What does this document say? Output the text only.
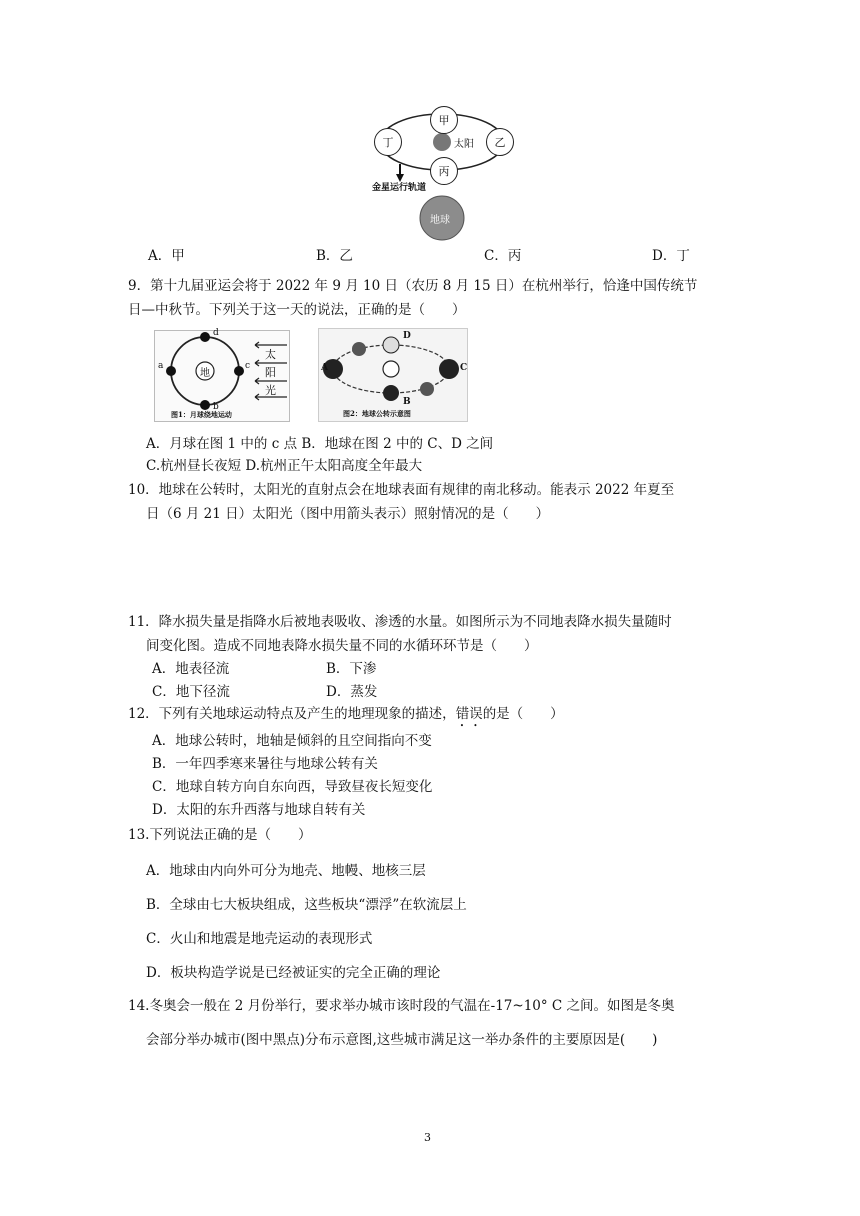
甲
乙
丙
丁	太阳
金星运行轨道
地球
A．甲	B．乙	C．丙	D．丁
9．第十九届亚运会将于 2022 年 9 月 10 日（农历 8 月 15 日）在杭州举行，恰逢中国传统节
日—中秋节。下列关于这一天的说法，正确的是（　　）
地
d
c
b
a
太
阳
光
图1：月球绕地运动
A	C
D
B
图2：地球公转示意图
A．月球在图 1 中的 c 点 B．地球在图 2 中的 C、D 之间
C.杭州昼长夜短 D.杭州正午太阳高度全年最大
10．地球在公转时，太阳光的直射点会在地球表面有规律的南北移动。能表示 2022 年夏至
日（6 月 21 日）太阳光（图中用箭头表示）照射情况的是（　　）
11．降水损失量是指降水后被地表吸收、渗透的水量。如图所示为不同地表降水损失量随时
间变化图。造成不同地表降水损失量不同的水循环环节是（　　）
A．地表径流	B．下渗
C．地下径流	D．蒸发
12．下列有关地球运动特点及产生的地理现象的描述，错误的是（　　）
A．地球公转时，地轴是倾斜的且空间指向不变
B．一年四季寒来暑往与地球公转有关
C．地球自转方向自东向西，导致昼夜长短变化
D．太阳的东升西落与地球自转有关
13.下列说法正确的是（　　）
A．地球由内向外可分为地壳、地幔、地核三层
B．全球由七大板块组成，这些板块“漂浮”在软流层上
C．火山和地震是地壳运动的表现形式
D．板块构造学说是已经被证实的完全正确的理论
14.冬奥会一般在 2 月份举行，要求举办城市该时段的气温在-17~10° C 之间。如图是冬奥
会部分举办城市(图中黑点)分布示意图,这些城市满足这一举办条件的主要原因是(　　)
3
